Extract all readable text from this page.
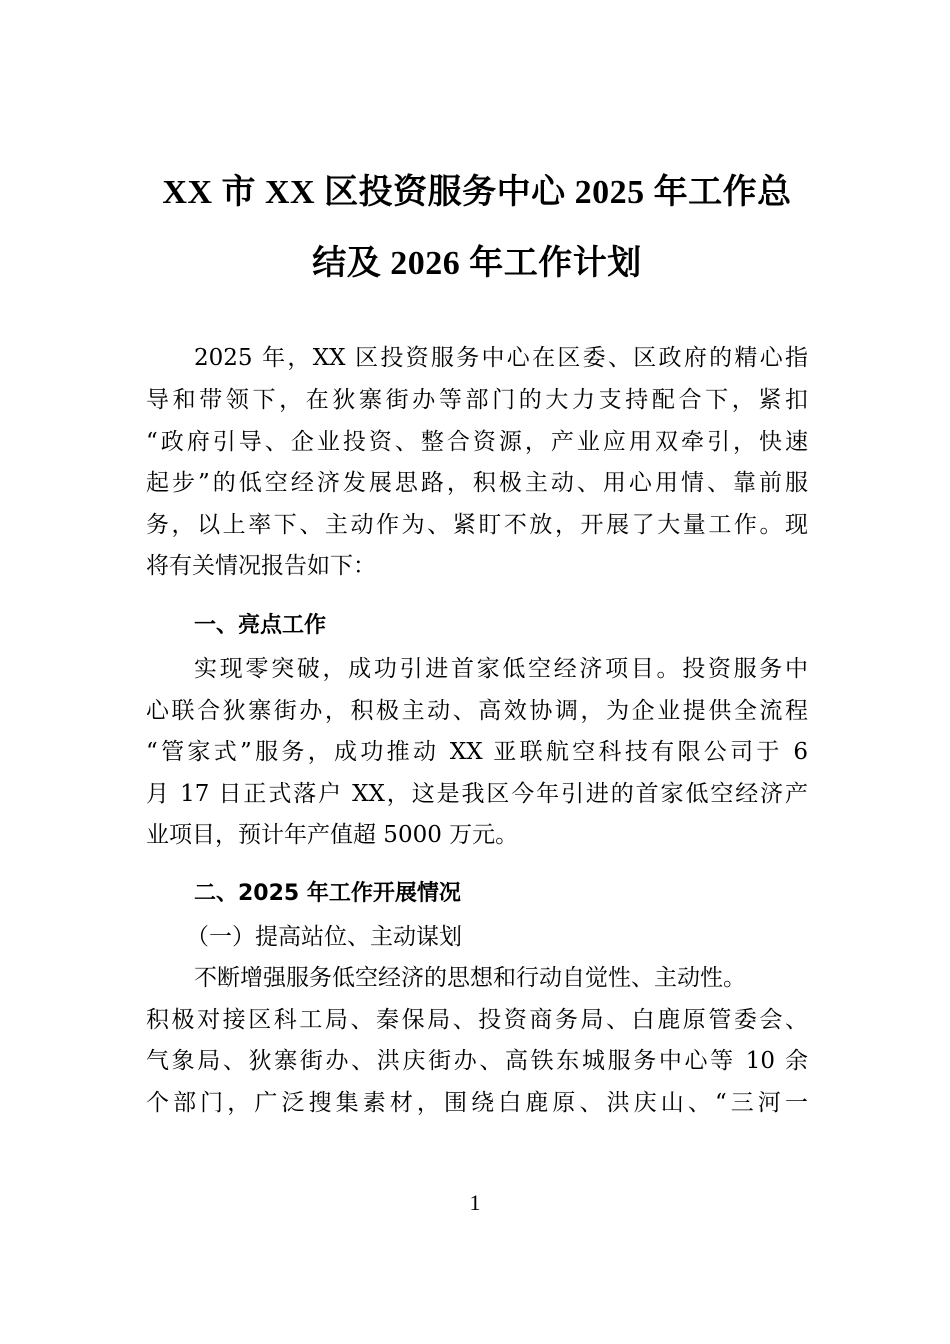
XX 市 XX 区投资服务中心 2025 年工作总
结及 2026 年工作计划
2025 年，XX 区投资服务中心在区委、区政府的精心指
导和带领下，在狄寨街办等部门的大力支持配合下，紧扣
“政府引导、企业投资、整合资源，产业应用双牵引，快速
起步”的低空经济发展思路，积极主动、用心用情、靠前服
务，以上率下、主动作为、紧盯不放，开展了大量工作。现
将有关情况报告如下：
一、亮点工作
实现零突破，成功引进首家低空经济项目。投资服务中
心联合狄寨街办，积极主动、高效协调，为企业提供全流程
“管家式”服务，成功推动 XX 亚联航空科技有限公司于 6
月 17 日正式落户 XX，这是我区今年引进的首家低空经济产
业项目，预计年产值超 5000 万元。
二、2025 年工作开展情况
（一）提高站位、主动谋划
不断增强服务低空经济的思想和行动自觉性、主动性。
积极对接区科工局、秦保局、投资商务局、白鹿原管委会、
气象局、狄寨街办、洪庆街办、高铁东城服务中心等 10 余
个部门，广泛搜集素材，围绕白鹿原、洪庆山、“三河一
1
